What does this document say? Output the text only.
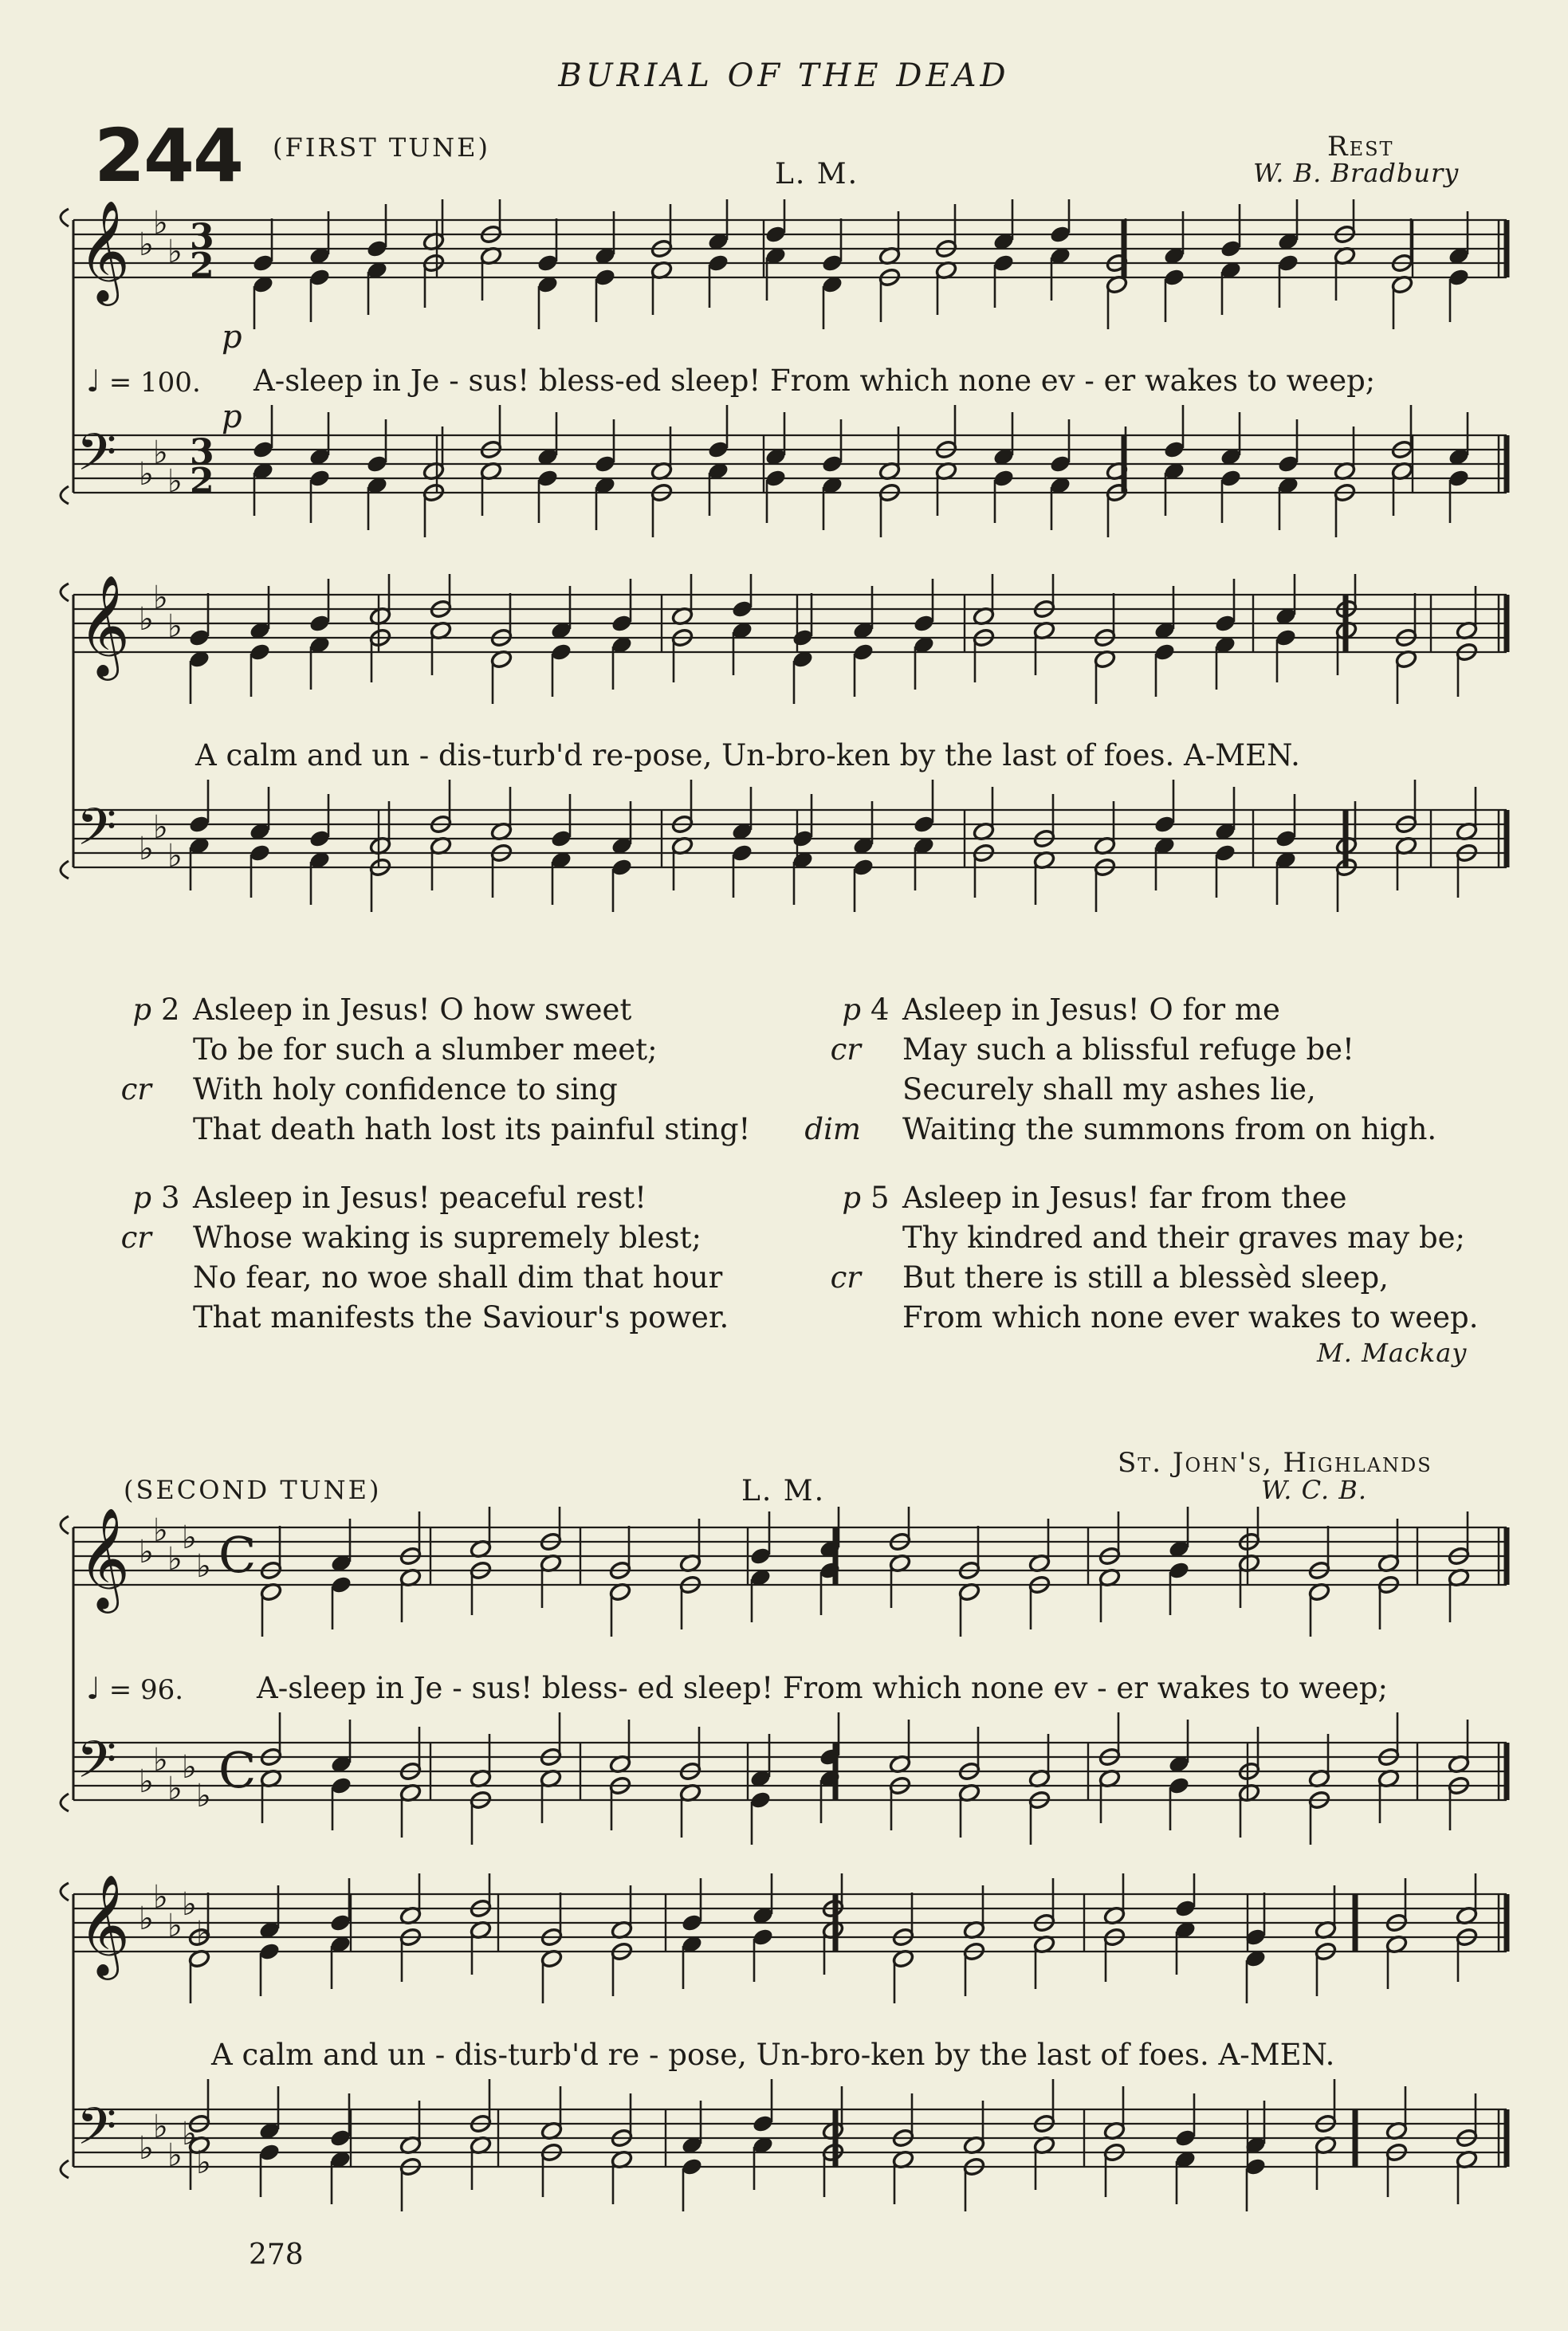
BURIAL OF THE DEAD
244 (FIRST TUNE)
L. M.
Rest
W. B. Bradbury
𝄞
𝄢
♭
♭
♭
♭
♭
♭
3
2
3
2
p
p
♩ = 100. A-sleep in Je - sus! bless-ed sleep! From which none ev - er wakes to weep;
𝄞
𝄢
♭
♭
♭
♭
♭
♭
A calm and un - dis-turb'd re-pose, Un-bro-ken by the last of foes. A-MEN.
p 2 Asleep in Jesus! O how sweet
To be for such a slumber meet;
cr	With holy confidence to sing
That death hath lost its painful sting!
p 3 Asleep in Jesus! peaceful rest!
cr	Whose waking is supremely blest;
No fear, no woe shall dim that hour
That manifests the Saviour's power.
p 4 Asleep in Jesus! O for me
cr	May such a blissful refuge be!
Securely shall my ashes lie,
dim	Waiting the summons from on high.
p 5 Asleep in Jesus! far from thee
Thy kindred and their graves may be;
cr	But there is still a blessèd sleep,
From which none ever wakes to weep.
M. Mackay
St. John's, Highlands
W. C. B.
(SECOND TUNE)	L. M.
𝄞
𝄢
♭
♭
♭
♭
♭
♭
♭
♭
♭
♭
C
C
♩ = 96. A-sleep in Je - sus! bless- ed sleep! From which none ev - er wakes to weep;
𝄞
𝄢
♭
♭
♭
♭
♭
♭
♭
♭
♭
♭
A calm and un - dis-turb'd re - pose, Un-bro-ken by the last of foes. A-MEN.
278
